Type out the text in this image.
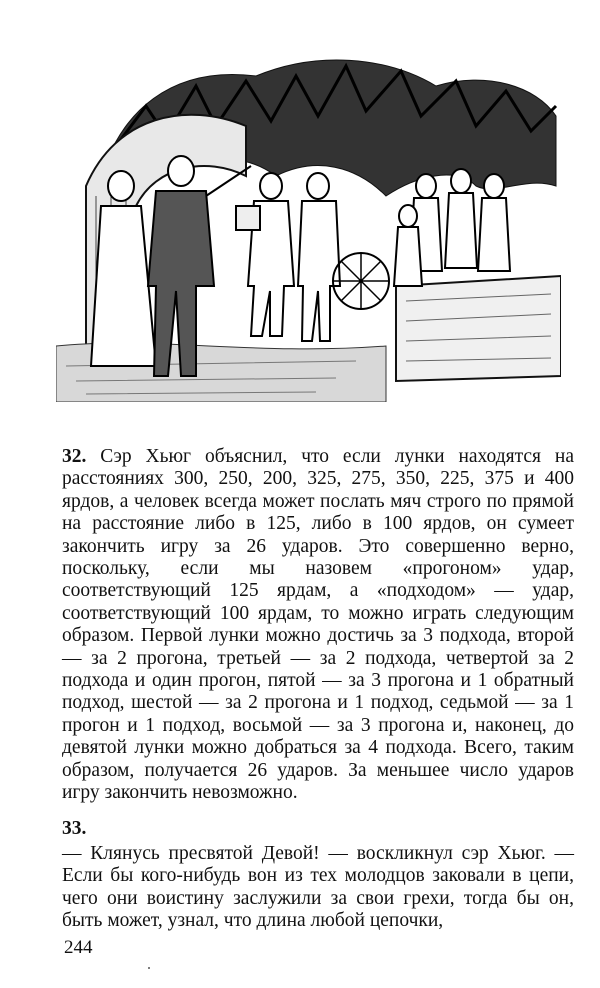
32. Сэр Хьюг объяснил, что если лунки находятся на расстояниях 300, 250, 200, 325, 275, 350, 225, 375 и 400 ярдов, а человек всегда может послать мяч строго по прямой на расстояние либо в 125, либо в 100 ярдов, он сумеет закончить игру за 26 ударов. Это совершенно верно, поскольку, если мы назовем «прогоном» удар, соответствующий 125 ярдам, а «подходом» — удар, соответствующий 100 ярдам, то можно играть следующим образом. Первой лунки можно достичь за 3 подхода, второй — за 2 прогона, третьей — за 2 подхода, четвертой за 2 подхода и один прогон, пятой — за 3 прогона и 1 обратный подход, шестой — за 2 прогона и 1 подход, седьмой — за 1 прогон и 1 подход, восьмой — за 3 прогона и, наконец, до девятой лунки можно добраться за 4 подхода. Всего, таким образом, получается 26 ударов. За меньшее число ударов игру закончить невозможно.

33.

— Клянусь пресвятой Девой! — воскликнул сэр Хьюг. — Если бы кого-нибудь вон из тех молодцов заковали в цепи, чего они воистину заслужили за свои грехи, тогда бы он, быть может, узнал, что длина любой цепочки,

244
